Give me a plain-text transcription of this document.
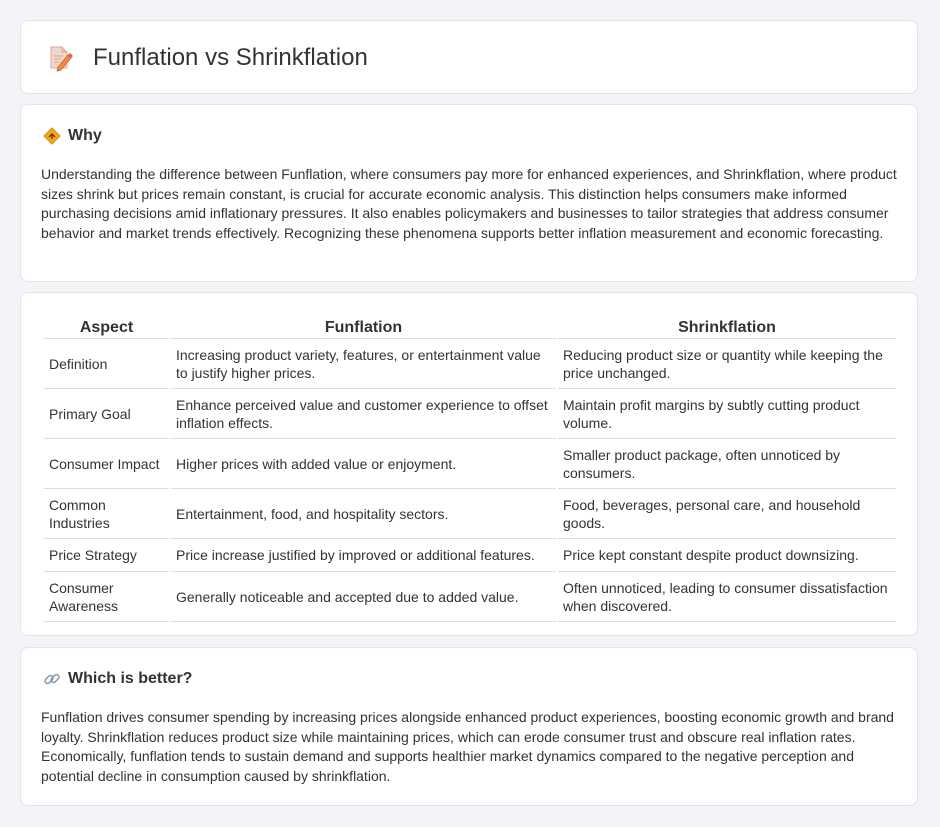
Funflation vs Shrinkflation
Why

Understanding the difference between Funflation, where consumers pay more for enhanced experiences, and Shrinkflation, where product sizes shrink but prices remain constant, is crucial for accurate economic analysis. This distinction helps consumers make informed purchasing decisions amid inflationary pressures. It also enables policymakers and businesses to tailor strategies that address consumer behavior and market trends effectively. Recognizing these phenomena supports better inflation measurement and economic forecasting.

Aspect	Funflation	Shrinkflation
Definition	Increasing product variety, features, or entertainment value to justify higher prices.	Reducing product size or quantity while keeping the price unchanged.
Primary Goal	Enhance perceived value and customer experience to offset inflation effects.	Maintain profit margins by subtly cutting product volume.
Consumer Impact	Higher prices with added value or enjoyment.	Smaller product package, often unnoticed by consumers.
Common Industries	Entertainment, food, and hospitality sectors.	Food, beverages, personal care, and household goods.
Price Strategy	Price increase justified by improved or additional features.	Price kept constant despite product downsizing.
Consumer Awareness	Generally noticeable and accepted due to added value.	Often unnoticed, leading to consumer dissatisfaction when discovered.
Which is better?

Funflation drives consumer spending by increasing prices alongside enhanced product experiences, boosting economic growth and brand loyalty. Shrinkflation reduces product size while maintaining prices, which can erode consumer trust and obscure real inflation rates. Economically, funflation tends to sustain demand and supports healthier market dynamics compared to the negative perception and potential decline in consumption caused by shrinkflation.
